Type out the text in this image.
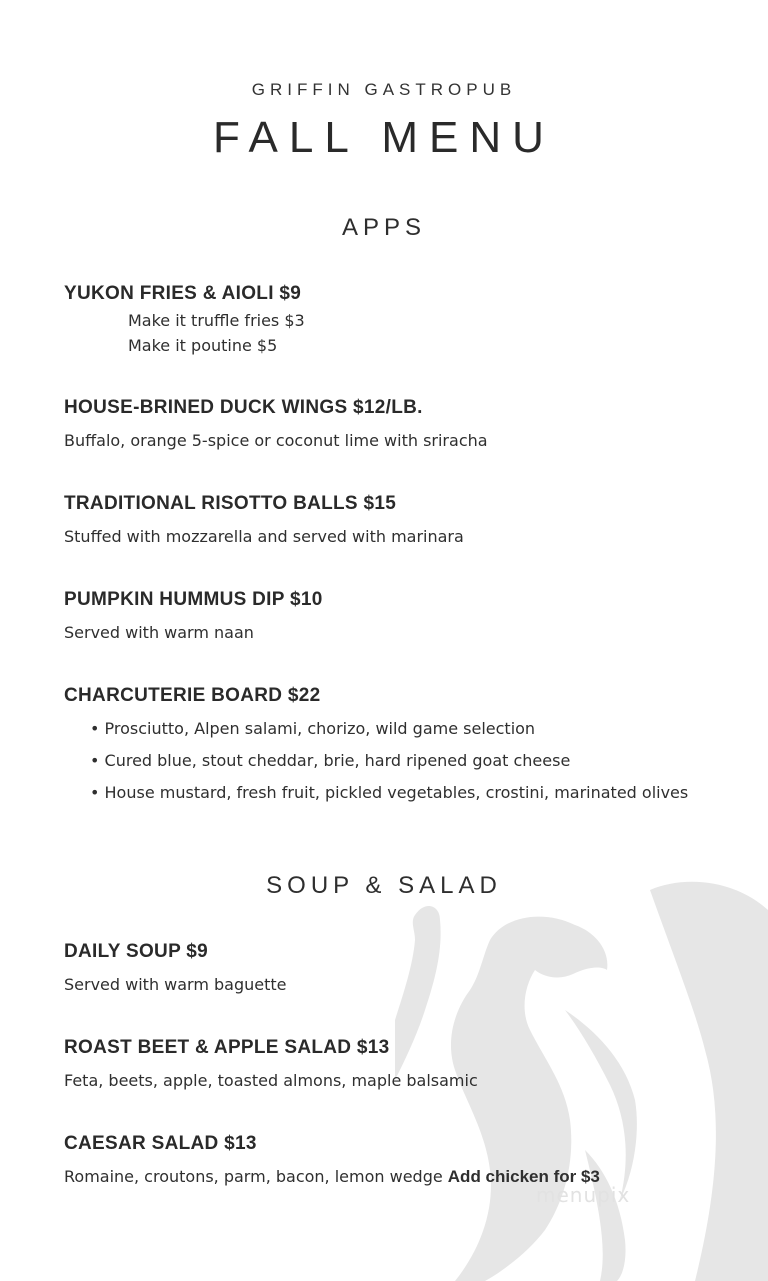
menupix
GRIFFIN GASTROPUB
FALL MENU
APPS
YUKON FRIES & AIOLI $9
Make it truffle fries $3
Make it poutine $5
HOUSE-BRINED DUCK WINGS $12/LB.
Buffalo, orange 5-spice or coconut lime with sriracha
TRADITIONAL RISOTTO BALLS $15
Stuffed with mozzarella and served with marinara
PUMPKIN HUMMUS DIP $10
Served with warm naan
CHARCUTERIE BOARD $22
• Prosciutto, Alpen salami, chorizo, wild game selection
• Cured blue, stout cheddar, brie, hard ripened goat cheese
• House mustard, fresh fruit, pickled vegetables, crostini, marinated olives
SOUP & SALAD
DAILY SOUP $9
Served with warm baguette
ROAST BEET & APPLE SALAD $13
Feta, beets, apple, toasted almons, maple balsamic
CAESAR SALAD $13
Romaine, croutons, parm, bacon, lemon wedge Add chicken for $3
